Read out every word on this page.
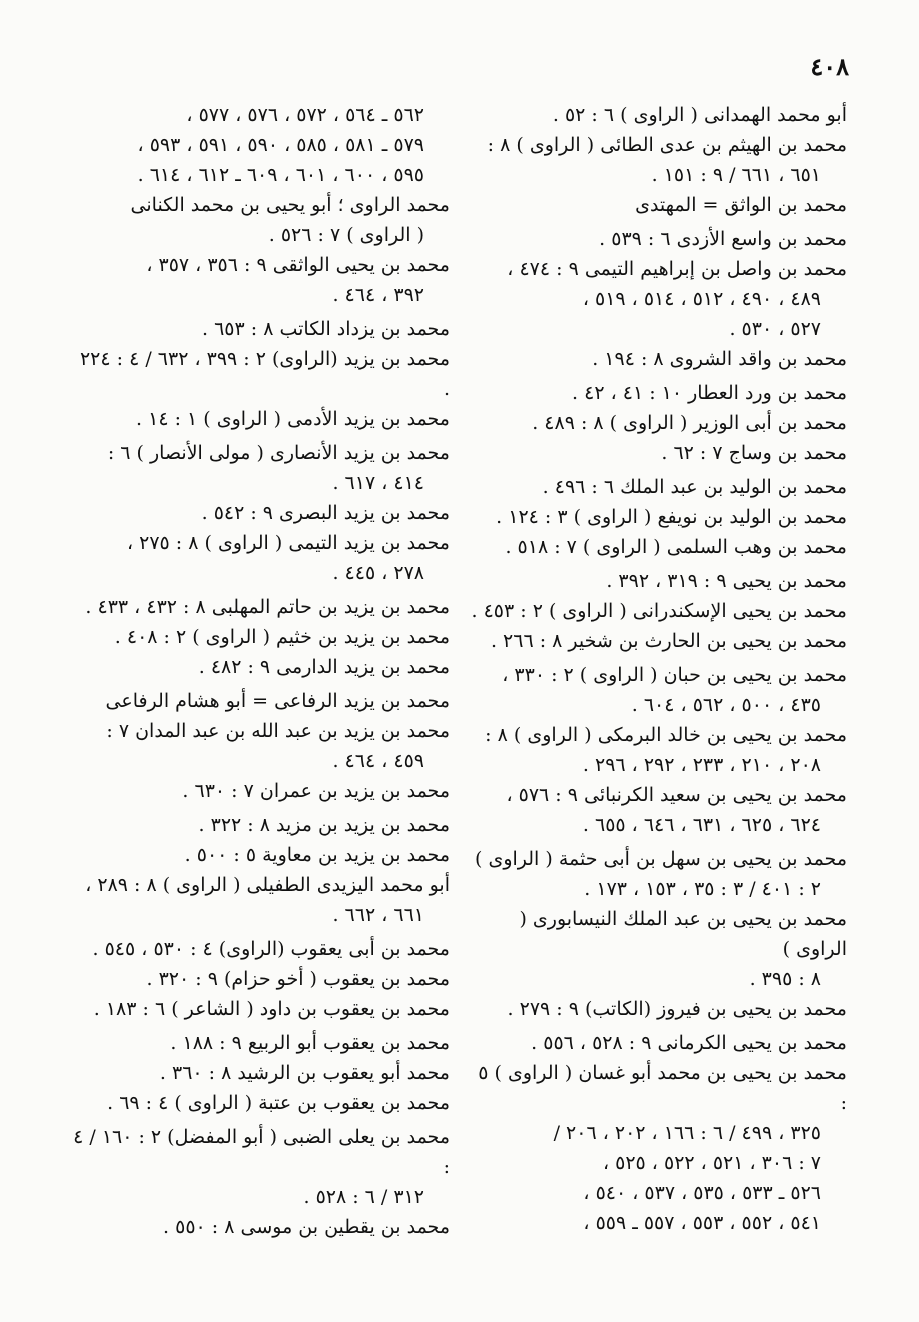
٤٠٨
أبو محمد الهمدانى ( الراوى ) ٦ : ٥٢ .
محمد بن الهيثم بن عدى الطائى ( الراوى ) ٨ :
٦٥١ ، ٦٦١ / ٩ : ١٥١ .
محمد بن الواثق = المهتدى
محمد بن واسع الأزدى ٦ : ٥٣٩ .
محمد بن واصل بن إبراهيم التيمى ٩ : ٤٧٤ ،
٤٨٩ ، ٤٩٠ ، ٥١٢ ، ٥١٤ ، ٥١٩ ،
٥٢٧ ، ٥٣٠ .
محمد بن واقد الشروى ٨ : ١٩٤ .
محمد بن ورد العطار ١٠ : ٤١ ، ٤٢ .
محمد بن أبى الوزير ( الراوى ) ٨ : ٤٨٩ .
محمد بن وساج ٧ : ٦٢ .
محمد بن الوليد بن عبد الملك ٦ : ٤٩٦ .
محمد بن الوليد بن نويفع ( الراوى ) ٣ : ١٢٤ .
محمد بن وهب السلمى ( الراوى ) ٧ : ٥١٨ .
محمد بن يحيى ٩ : ٣١٩ ، ٣٩٢ .
محمد بن يحيى الإسكندرانى ( الراوى ) ٢ : ٤٥٣ .
محمد بن يحيى بن الحارث بن شخير ٨ : ٢٦٦ .
محمد بن يحيى بن حبان ( الراوى ) ٢ : ٣٣٠ ،
٤٣٥ ، ٥٠٠ ، ٥٦٢ ، ٦٠٤ .
محمد بن يحيى بن خالد البرمكى ( الراوى ) ٨ :
٢٠٨ ، ٢١٠ ، ٢٣٣ ، ٢٩٢ ، ٢٩٦ .
محمد بن يحيى بن سعيد الكرنبائى ٩ : ٥٧٦ ،
٦٢٤ ، ٦٢٥ ، ٦٣١ ، ٦٤٦ ، ٦٥٥ .
محمد بن يحيى بن سهل بن أبى حثمة ( الراوى )
٢ : ٤٠١ / ٣ : ٣٥ ، ١٥٣ ، ١٧٣ .
محمد بن يحيى بن عبد الملك النيسابورى ( الراوى )
٨ : ٣٩٥ .
محمد بن يحيى بن فيروز (الكاتب) ٩ : ٢٧٩ .
محمد بن يحيى الكرمانى ٩ : ٥٢٨ ، ٥٥٦ .
محمد بن يحيى بن محمد أبو غسان ( الراوى ) ٥ :
٣٢٥ ، ٤٩٩ / ٦ : ١٦٦ ، ٢٠٢ ، ٢٠٦ /
٧ : ٣٠٦ ، ٥٢١ ، ٥٢٢ ، ٥٢٥ ،
٥٢٦ ـ ٥٣٣ ، ٥٣٥ ، ٥٣٧ ، ٥٤٠ ،
٥٤١ ، ٥٥٢ ، ٥٥٣ ، ٥٥٧ ـ ٥٥٩ ،
٥٦٢ ـ ٥٦٤ ، ٥٧٢ ، ٥٧٦ ، ٥٧٧ ،
٥٧٩ ـ ٥٨١ ، ٥٨٥ ، ٥٩٠ ، ٥٩١ ، ٥٩٣ ،
٥٩٥ ، ٦٠٠ ، ٦٠١ ، ٦٠٩ ـ ٦١٢ ، ٦١٤ .
محمد الراوى ؛ أبو يحيى بن محمد الكنانى
( الراوى ) ٧ : ٥٢٦ .
محمد بن يحيى الواثقى ٩ : ٣٥٦ ، ٣٥٧ ،
٣٩٢ ، ٤٦٤ .
محمد بن يزداد الكاتب ٨ : ٦٥٣ .
محمد بن يزيد (الراوى) ٢ : ٣٩٩ ، ٦٣٢ / ٤ : ٢٢٤ .
محمد بن يزيد الأدمى ( الراوى ) ١ : ١٤ .
محمد بن يزيد الأنصارى ( مولى الأنصار ) ٦ :
٤١٤ ، ٦١٧ .
محمد بن يزيد البصرى ٩ : ٥٤٢ .
محمد بن يزيد التيمى ( الراوى ) ٨ : ٢٧٥ ،
٢٧٨ ، ٤٤٥ .
محمد بن يزيد بن حاتم المهلبى ٨ : ٤٣٢ ، ٤٣٣ .
محمد بن يزيد بن خثيم ( الراوى ) ٢ : ٤٠٨ .
محمد بن يزيد الدارمى ٩ : ٤٨٢ .
محمد بن يزيد الرفاعى = أبو هشام الرفاعى
محمد بن يزيد بن عبد الله بن عبد المدان ٧ :
٤٥٩ ، ٤٦٤ .
محمد بن يزيد بن عمران ٧ : ٦٣٠ .
محمد بن يزيد بن مزيد ٨ : ٣٢٢ .
محمد بن يزيد بن معاوية ٥ : ٥٠٠ .
أبو محمد اليزيدى الطفيلى ( الراوى ) ٨ : ٢٨٩ ،
٦٦١ ، ٦٦٢ .
محمد بن أبى يعقوب (الراوى) ٤ : ٥٣٠ ، ٥٤٥ .
محمد بن يعقوب ( أخو حزام) ٩ : ٣٢٠ .
محمد بن يعقوب بن داود ( الشاعر ) ٦ : ١٨٣ .
محمد بن يعقوب أبو الربيع ٩ : ١٨٨ .
محمد أبو يعقوب بن الرشيد ٨ : ٣٦٠ .
محمد بن يعقوب بن عتبة ( الراوى ) ٤ : ٦٩ .
محمد بن يعلى الضبى ( أبو المفضل) ٢ : ١٦٠ / ٤ :
٣١٢ / ٦ : ٥٢٨ .
محمد بن يقطين بن موسى ٨ : ٥٥٠ .
